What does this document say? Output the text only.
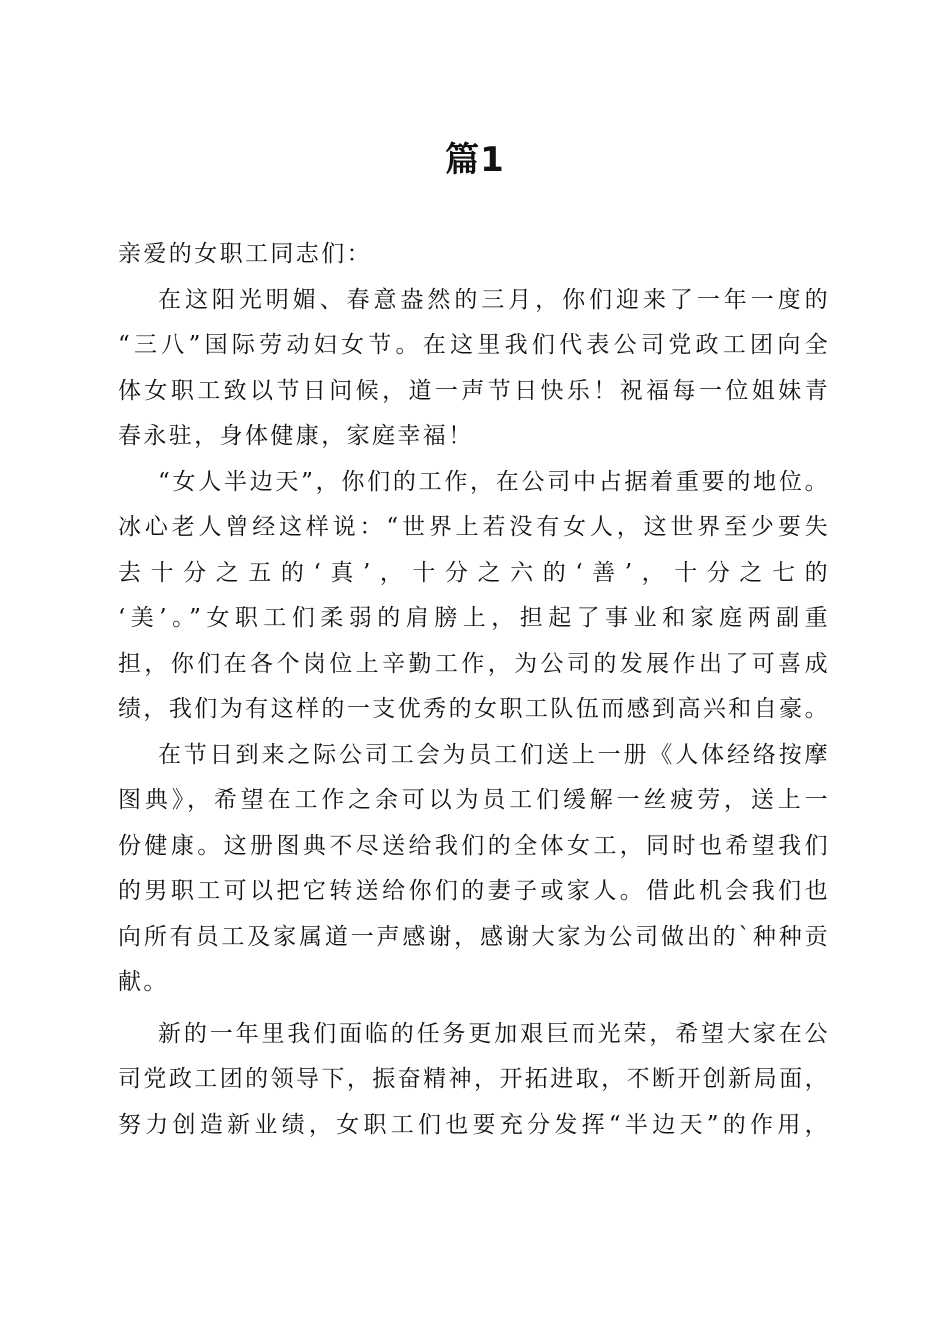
篇1
亲爱的女职工同志们：
在这阳光明媚、春意盎然的三月，你们迎来了一年一度的
“三八”国际劳动妇女节。在这里我们代表公司党政工团向全
体女职工致以节日问候，道一声节日快乐！祝福每一位姐妹青
春永驻，身体健康，家庭幸福！
“女人半边天”，你们的工作，在公司中占据着重要的地位。
冰心老人曾经这样说：“世界上若没有女人，这世界至少要失
去十分之五的‘真’，十分之六的‘善’，十分之七的
‘美’。”女职工们柔弱的肩膀上，担起了事业和家庭两副重
担，你们在各个岗位上辛勤工作，为公司的发展作出了可喜成
绩，我们为有这样的一支优秀的女职工队伍而感到高兴和自豪。
在节日到来之际公司工会为员工们送上一册《人体经络按摩
图典》，希望在工作之余可以为员工们缓解一丝疲劳，送上一
份健康。这册图典不尽送给我们的全体女工，同时也希望我们
的男职工可以把它转送给你们的妻子或家人。借此机会我们也
向所有员工及家属道一声感谢，感谢大家为公司做出的`种种贡
献。
新的一年里我们面临的任务更加艰巨而光荣，希望大家在公
司党政工团的领导下，振奋精神，开拓进取，不断开创新局面，
努力创造新业绩，女职工们也要充分发挥“半边天”的作用，
